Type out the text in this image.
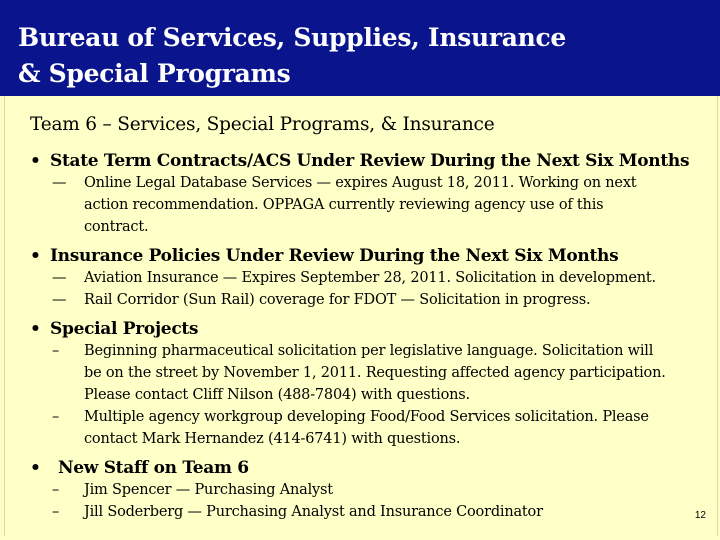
Bureau of Services, Supplies, Insurance
& Special Programs
Team 6 – Services, Special Programs, & Insurance
• State Term Contracts/ACS Under Review During the Next Six Months
—	Online Legal Database Services — expires August 18, 2011. Working on next
action recommendation. OPPAGA currently reviewing agency use of this
contract.
• Insurance Policies Under Review During the Next Six Months
—	Aviation Insurance — Expires September 28, 2011. Solicitation in development.
—	Rail Corridor (Sun Rail) coverage for FDOT — Solicitation in progress.
• Special Projects
–	Beginning pharmaceutical solicitation per legislative language. Solicitation will
be on the street by November 1, 2011. Requesting affected agency participation.
Please contact Cliff Nilson (488-7804) with questions.
–	Multiple agency workgroup developing Food/Food Services solicitation. Please
contact Mark Hernandez (414-6741) with questions.
• New Staff on Team 6
–	Jim Spencer — Purchasing Analyst
–	Jill Soderberg — Purchasing Analyst and Insurance Coordinator	12
